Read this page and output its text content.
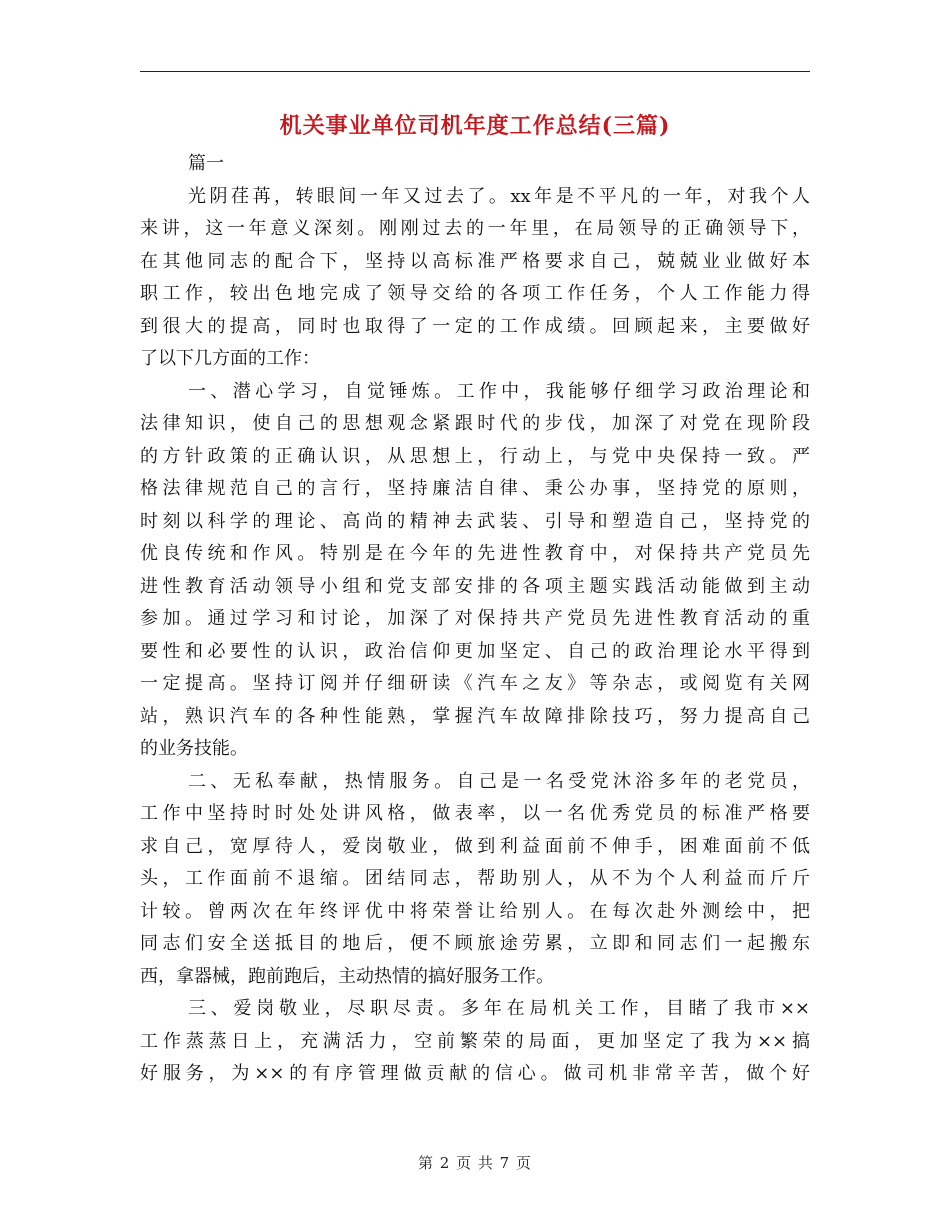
机关事业单位司机年度工作总结(三篇)

篇一

光阴荏苒，转眼间一年又过去了。xx年是不平凡的一年，对我个人

来讲，这一年意义深刻。刚刚过去的一年里，在局领导的正确领导下，

在其他同志的配合下，坚持以高标准严格要求自己，兢兢业业做好本

职工作，较出色地完成了领导交给的各项工作任务，个人工作能力得

到很大的提高，同时也取得了一定的工作成绩。回顾起来，主要做好

了以下几方面的工作：

一、潜心学习，自觉锤炼。工作中，我能够仔细学习政治理论和

法律知识，使自己的思想观念紧跟时代的步伐，加深了对党在现阶段

的方针政策的正确认识，从思想上，行动上，与党中央保持一致。严

格法律规范自己的言行，坚持廉洁自律、秉公办事，坚持党的原则，

时刻以科学的理论、高尚的精神去武装、引导和塑造自己，坚持党的

优良传统和作风。特别是在今年的先进性教育中，对保持共产党员先

进性教育活动领导小组和党支部安排的各项主题实践活动能做到主动

参加。通过学习和讨论，加深了对保持共产党员先进性教育活动的重

要性和必要性的认识，政治信仰更加坚定、自己的政治理论水平得到

一定提高。坚持订阅并仔细研读《汽车之友》等杂志，或阅览有关网

站，熟识汽车的各种性能熟，掌握汽车故障排除技巧，努力提高自己

的业务技能。

二、无私奉献，热情服务。自己是一名受党沐浴多年的老党员，

工作中坚持时时处处讲风格，做表率，以一名优秀党员的标准严格要

求自己，宽厚待人，爱岗敬业，做到利益面前不伸手，困难面前不低

头，工作面前不退缩。团结同志，帮助别人，从不为个人利益而斤斤

计较。曾两次在年终评优中将荣誉让给别人。在每次赴外测绘中，把

同志们安全送抵目的地后，便不顾旅途劳累，立即和同志们一起搬东

西，拿器械，跑前跑后，主动热情的搞好服务工作。

三、爱岗敬业，尽职尽责。多年在局机关工作，目睹了我市××

工作蒸蒸日上，充满活力，空前繁荣的局面，更加坚定了我为××搞

好服务，为××的有序管理做贡献的信心。做司机非常辛苦，做个好

第 2 页 共 7 页
